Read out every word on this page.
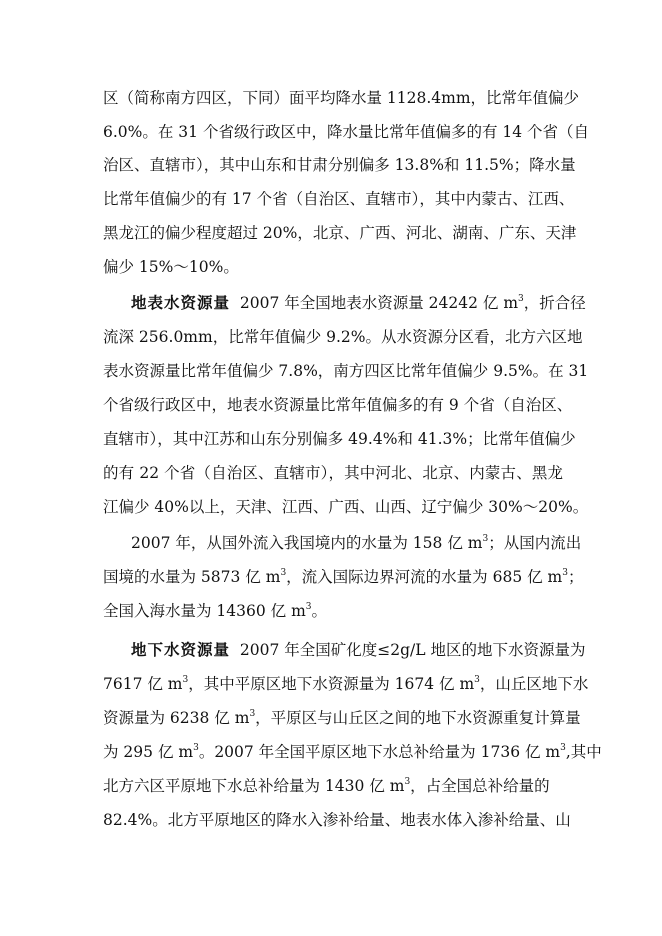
区（简称南方四区，下同）面平均降水量 1128.4mm，比常年值偏少
6.0%。在 31 个省级行政区中，降水量比常年值偏多的有 14 个省（自
治区、直辖市），其中山东和甘肃分别偏多 13.8%和 11.5%；降水量
比常年值偏少的有 17 个省（自治区、直辖市），其中内蒙古、江西、
黑龙江的偏少程度超过 20%，北京、广西、河北、湖南、广东、天津
偏少 15%～10%。
地表水资源量 2007 年全国地表水资源量 24242 亿 $m^3$，折合径
流深 256.0mm，比常年值偏少 9.2%。从水资源分区看，北方六区地
表水资源量比常年值偏少 7.8%，南方四区比常年值偏少 9.5%。在 31
个省级行政区中，地表水资源量比常年值偏多的有 9 个省（自治区、
直辖市），其中江苏和山东分别偏多 49.4%和 41.3%；比常年值偏少
的有 22 个省（自治区、直辖市），其中河北、北京、内蒙古、黑龙
江偏少 40%以上，天津、江西、广西、山西、辽宁偏少 30%～20%。
2007 年，从国外流入我国境内的水量为 158 亿 $m^3$；从国内流出
国境的水量为 5873 亿 $m^3$，流入国际边界河流的水量为 685 亿 $m^3$；
全国入海水量为 14360 亿 $m^3$。
地下水资源量 2007 年全国矿化度≤2g/L 地区的地下水资源量为
7617 亿 $m^3$，其中平原区地下水资源量为 1674 亿 $m^3$，山丘区地下水
资源量为 6238 亿 $m^3$，平原区与山丘区之间的地下水资源重复计算量
为 295 亿 $m^3$。2007 年全国平原区地下水总补给量为 1736 亿 $m^3$,其中
北方六区平原地下水总补给量为 1430 亿 $m^3$，占全国总补给量的
82.4%。北方平原地区的降水入渗补给量、地表水体入渗补给量、山
